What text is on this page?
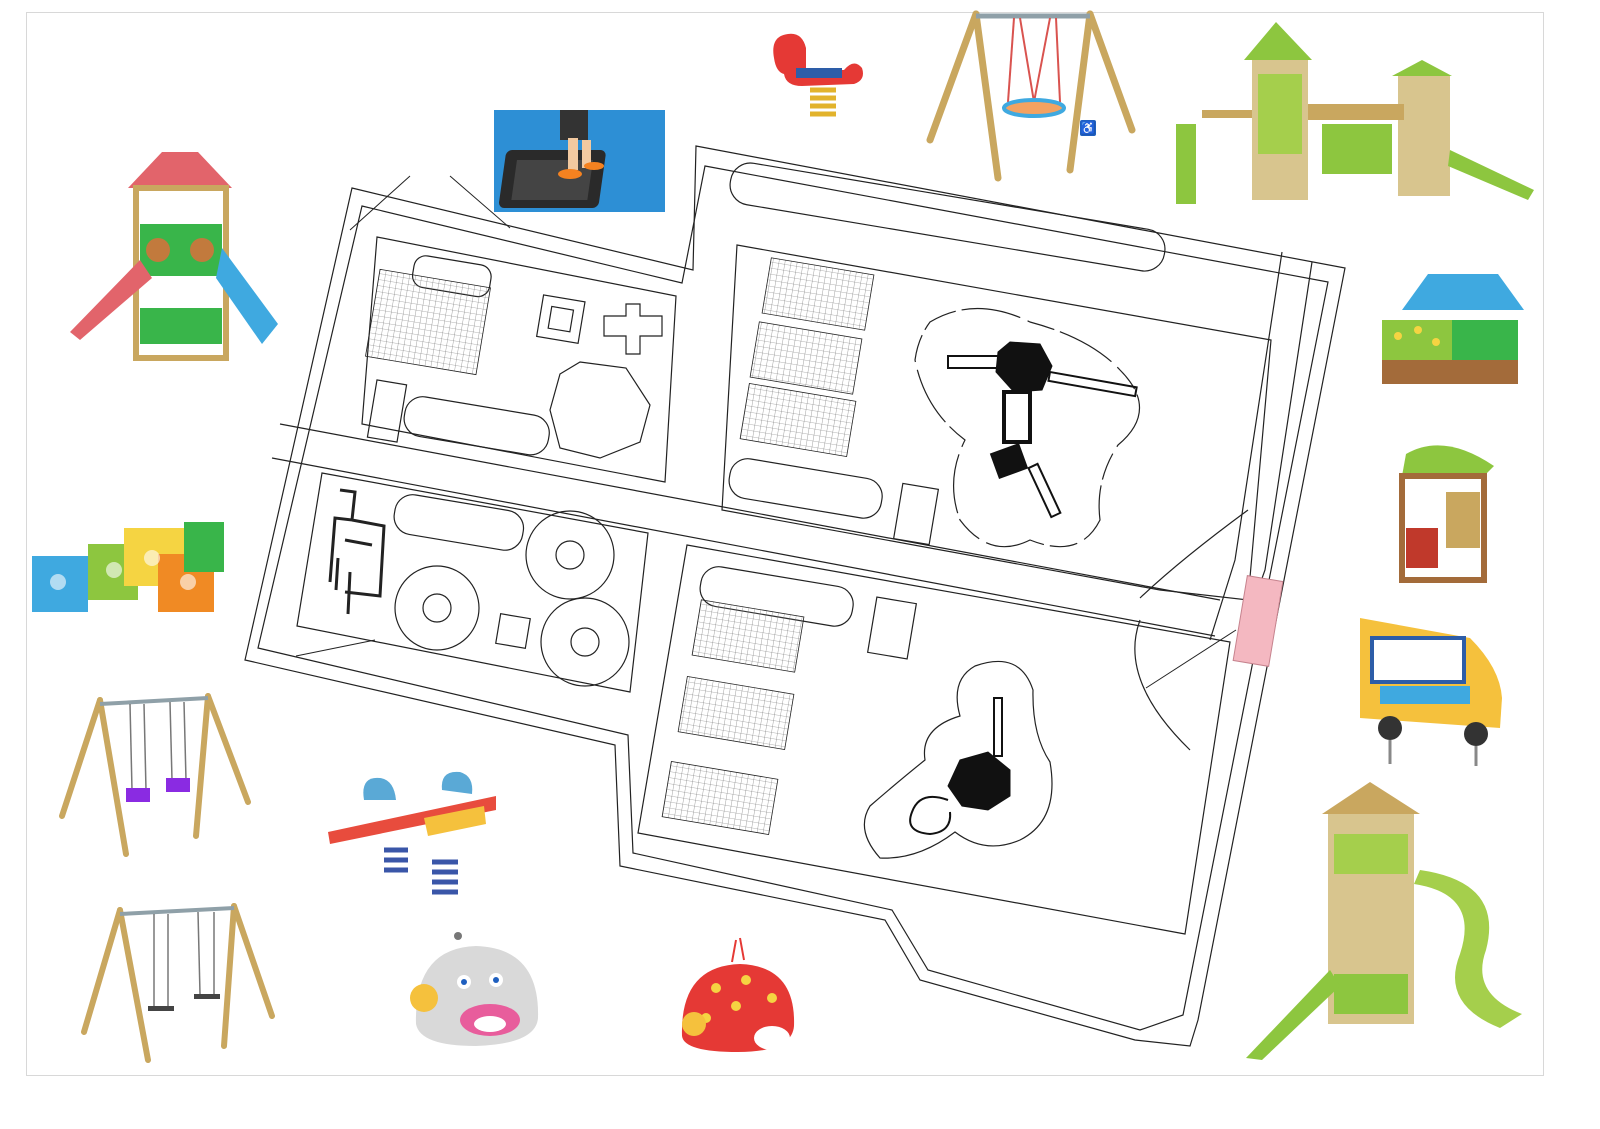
♿
